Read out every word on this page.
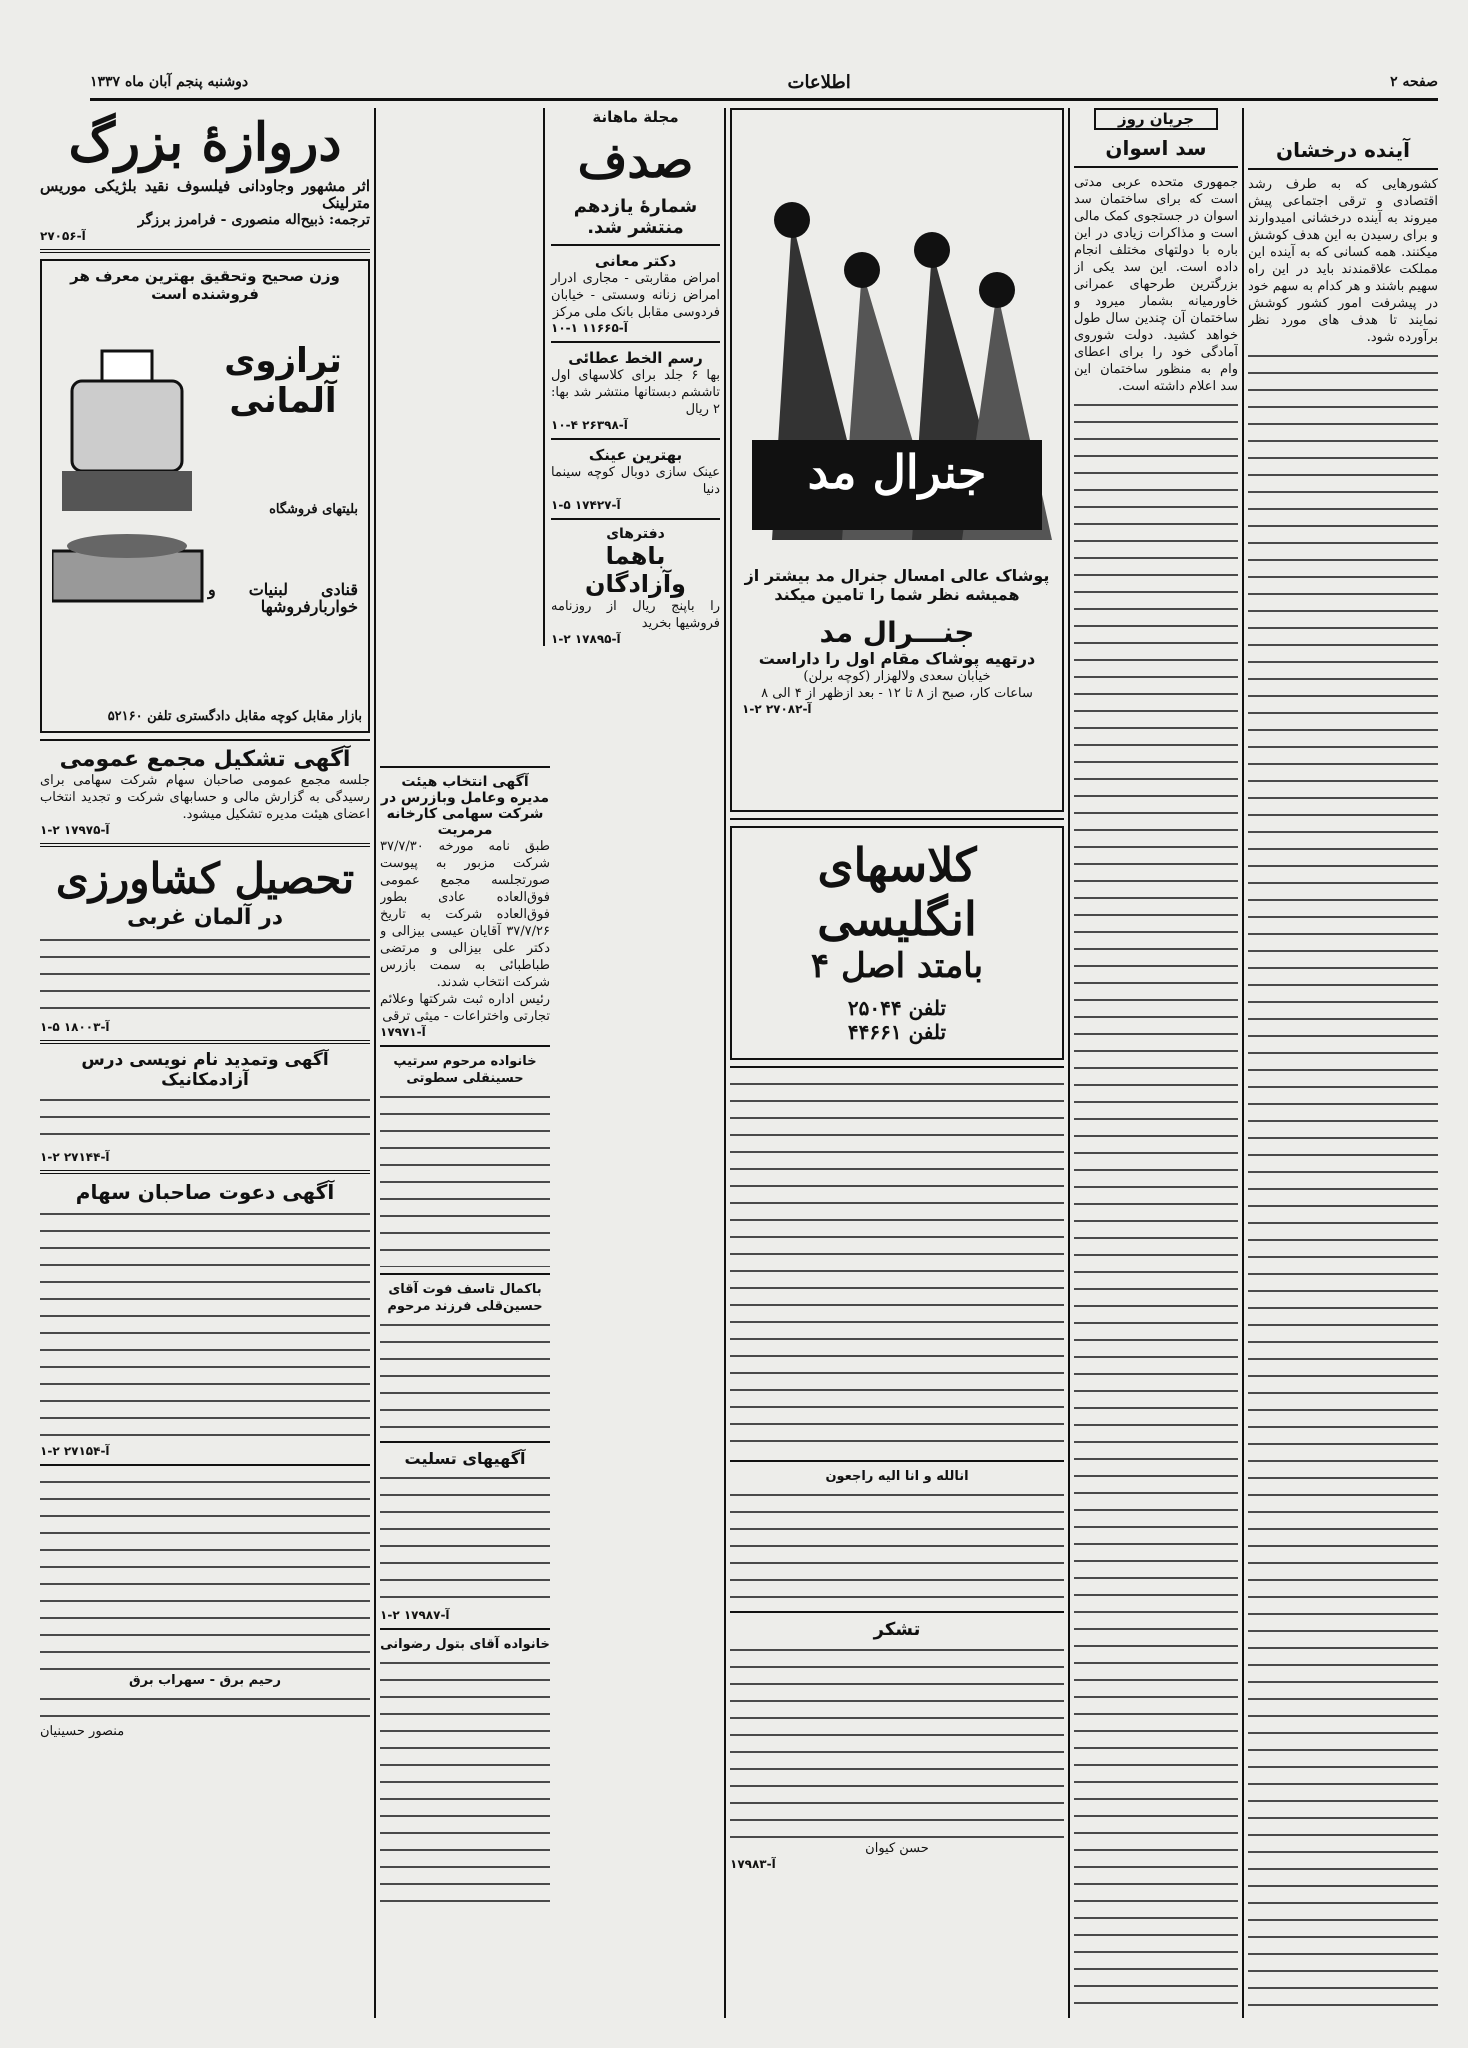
صفحه ۲
اطلاعات
دوشنبه پنجم آبان ماه ۱۳۳۷
آینده درخشان
کشورهایی که به طرف رشد اقتصادی و ترقی اجتماعی پیش میروند به آینده درخشانی امیدوارند و برای رسیدن به این هدف کوشش میکنند. همه کسانی که به آینده این مملکت علاقمندند باید در این راه سهیم باشند و هر کدام به سهم خود در پیشرفت امور کشور کوشش نمایند تا هدف های مورد نظر برآورده شود.
جریان روز
سد اسوان
جمهوری متحده عربی مدتی است که برای ساختمان سد اسوان در جستجوی کمک مالی است و مذاکرات زیادی در این باره با دولتهای مختلف انجام داده است. این سد یکی از بزرگترین طرحهای عمرانی خاورمیانه بشمار میرود و ساختمان آن چندین سال طول خواهد کشید. دولت شوروی آمادگی خود را برای اعطای وام به منظور ساختمان این سد اعلام داشته است.
جنرال مد
پوشاک عالی امسال جنرال مد بیشتر از همیشه نظر شما را تامین میکند
جنـــرال مد
درتهیه پوشاک مقام اول را داراست
خیابان سعدی ولالهزار (کوچه برلن)
ساعات کار، صبح از ۸ تا ۱۲ - بعد ازظهر از ۴ الی ۸
آ-۲۷۰۸۲ ۲-۱
کلاسهای انگلیسی
بامتد اصل ۴
تلفن ۲۵۰۴۴
تلفن ۴۴۶۶۱
انالله و انا الیه راجعون
تشکر
حسن کیوان
آ-۱۷۹۸۳
مجلة ماهانة
صدف
شمارهٔ یازدهم منتشر شد.
دکتر معانی
امراض مقاربتی - مجاری ادرار امراض زنانه وسستی - خیابان فردوسی مقابل بانک ملی مرکز
آ-۱۱۶۶۵ ۱-۱۰
رسم الخط عطائی
بها ۶ جلد برای کلاسهای اول تاششم دبستانها منتشر شد بها: ۲ ریال
آ-۲۶۳۹۸ ۴-۱۰
بهترین عینک
عینک سازی دوبال کوچه سینما دنیا
آ-۱۷۴۲۷ ۵-۱
دفترهای
باهما وآزادگان
را باپنج ریال از روزنامه فروشیها بخرید
آ-۱۷۸۹۵ ۲-۱
آگهی انتخاب هیئت مدیره وعامل وبازرس در شرکت سهامی کارخانه مرمریت
طبق نامه مورخه ۳۷/۷/۳۰ شرکت مزبور به پیوست صورتجلسه مجمع عمومی فوق‌العاده عادی بطور فوق‌العاده شرکت به تاریخ ۳۷/۷/۲۶ آقایان عیسی بیزالی و دکتر علی بیزالی و مرتضی طباطبائی به سمت بازرس شرکت انتخاب شدند.
رئیس اداره ثبت شرکتها وعلائم تجارتی واختراعات - میثی ترقی
آ-۱۷۹۷۱
خانواده مرحوم سرتیپ حسینقلی سطوتی
باکمال تاسف فوت آقای حسین‌قلی فرزند مرحوم
آگهیهای تسلیت
آ-۱۷۹۸۷ ۲-۱
خانواده آقای بتول رضوانی
دروازهٔ بزرگ
اثر مشهور وجاودانی فیلسوف نقید بلژیکی موریس مترلینک
ترجمه: ذبیح‌اله منصوری - فرامرز برزگر
آ-۲۷۰۵۶
وزن صحیح وتحقیق بهترین معرف هر فروشنده است
ترازوی آلمانی
بلیتهای فروشگاه
قنادی لبنیات و خواربارفروشها
بازار مقابل کوچه مقابل دادگستری تلفن ۵۲۱۶۰
آگهی تشکیل مجمع عمومی
جلسه مجمع عمومی صاحبان سهام شرکت سهامی برای رسیدگی به گزارش مالی و حسابهای شرکت و تجدید انتخاب اعضای هیئت مدیره تشکیل میشود.
آ-۱۷۹۷۵ ۲-۱
تحصیل کشاورزی
در آلمان غربی
آ-۱۸۰۰۳ ۵-۱
آگهی وتمدید نام نویسی درس آزادمکانیک
آ-۲۷۱۴۴ ۲-۱
آگهی دعوت صاحبان سهام
آ-۲۷۱۵۴ ۲-۱
رحیم برق - سهراب برق
منصور حسینیان
